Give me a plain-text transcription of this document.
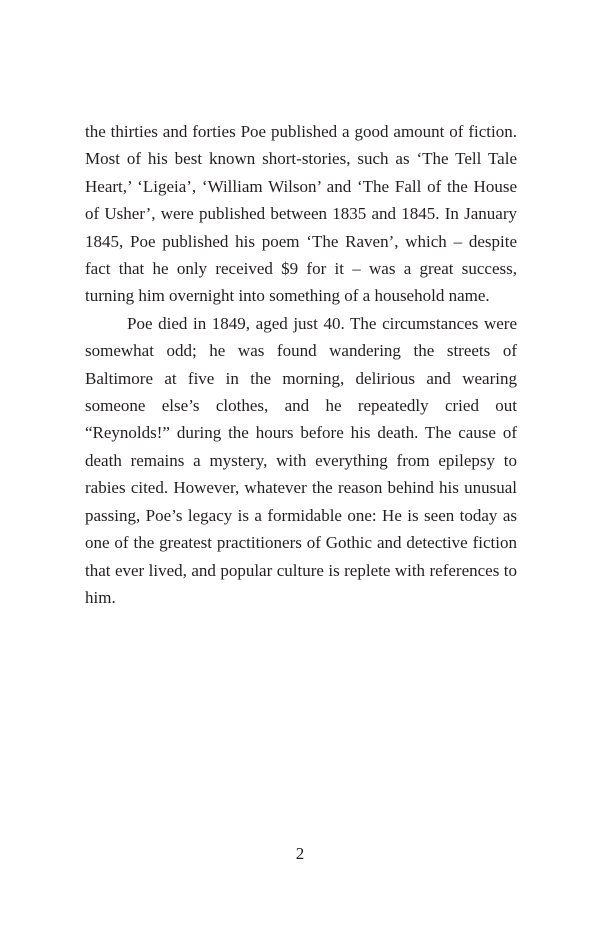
the thirties and forties Poe published a good amount of fiction. Most of his best known short-stories, such as ‘The Tell Tale Heart,’ ‘Ligeia’, ‘William Wilson’ and ‘The Fall of the House of Usher’, were published between 1835 and 1845. In January 1845, Poe published his poem ‘The Raven’, which – despite fact that he only received $9 for it – was a great success, turning him overnight into something of a household name.

Poe died in 1849, aged just 40. The circumstances were somewhat odd; he was found wandering the streets of Baltimore at five in the morning, delirious and wearing someone else’s clothes, and he repeatedly cried out “Reynolds!” during the hours before his death. The cause of death remains a mystery, with everything from epilepsy to rabies cited. However, whatever the reason behind his unusual passing, Poe’s legacy is a formidable one: He is seen today as one of the greatest practitioners of Gothic and detective fiction that ever lived, and popular culture is replete with references to him.

2
